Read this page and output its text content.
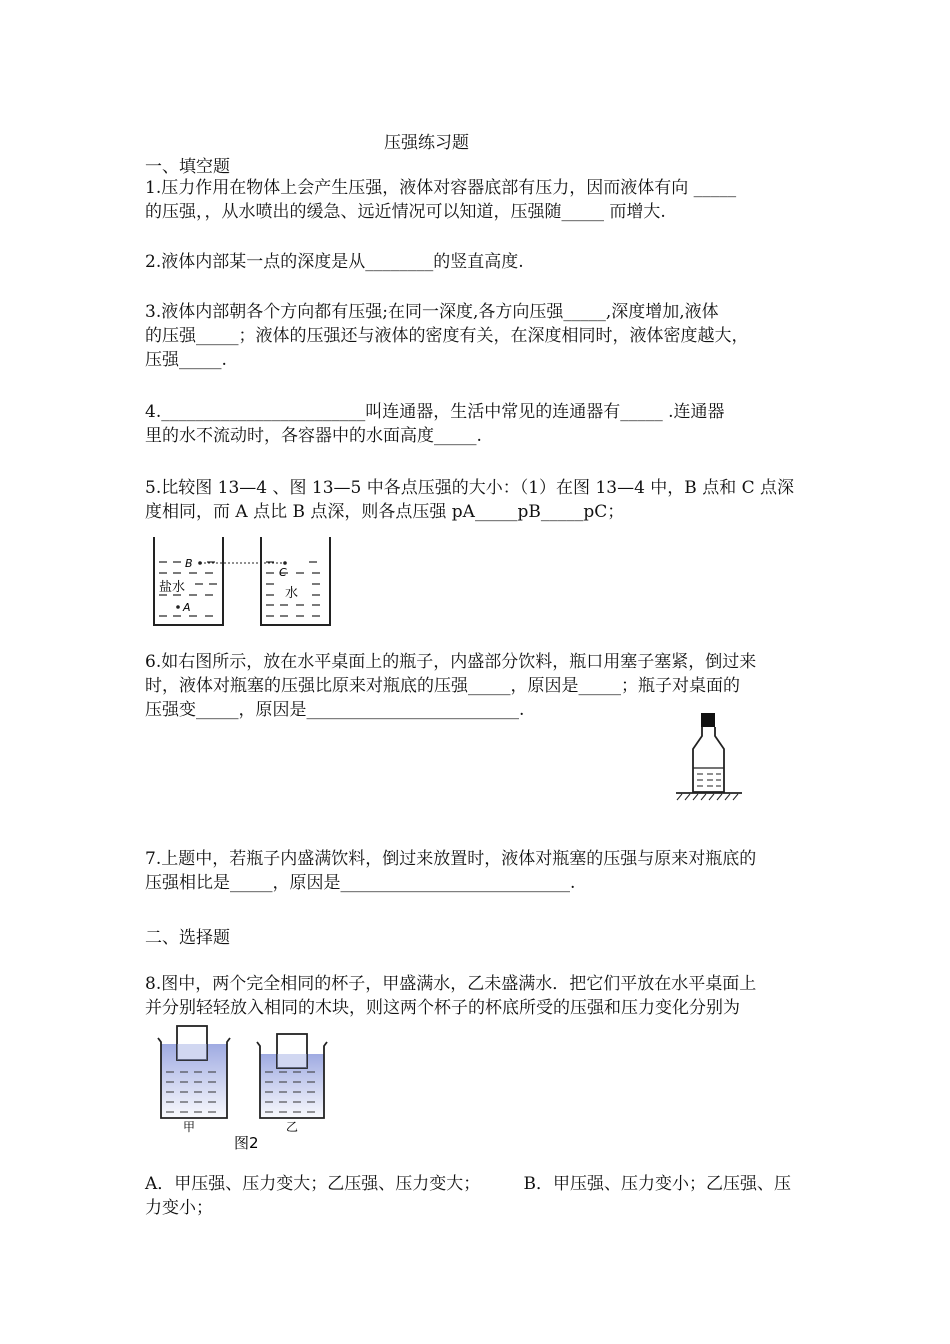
压强练习题
一、填空题
1.压力作用在物体上会产生压强，液体对容器底部有压力，因而液体有向 _____
的压强，，从水喷出的缓急、远近情况可以知道，压强随_____ 而增大.
2.液体内部某一点的深度是从________的竖直高度.
3.液体内部朝各个方向都有压强;在同一深度,各方向压强_____,深度增加,液体
的压强_____；液体的压强还与液体的密度有关，在深度相同时，液体密度越大，
压强_____.
4.________________________叫连通器，生活中常见的连通器有_____ .连通器
里的水不流动时，各容器中的水面高度_____.
5.比较图 13—4 、图 13—5 中各点压强的大小：（1）在图 13—4 中，B 点和 C 点深
度相同，而 A 点比 B 点深，则各点压强 pA_____pB_____pC；
B
C
A
盐水	水
6.如右图所示，放在水平桌面上的瓶子，内盛部分饮料，瓶口用塞子塞紧，倒过来
时，液体对瓶塞的压强比原来对瓶底的压强_____，原因是_____；瓶子对桌面的
压强变_____，原因是_________________________.
7.上题中，若瓶子内盛满饮料，倒过来放置时，液体对瓶塞的压强与原来对瓶底的
压强相比是_____，原因是___________________________.
二、选择题
8.图中，两个完全相同的杯子，甲盛满水，乙未盛满水．把它们平放在水平桌面上
并分别轻轻放入相同的木块，则这两个杯子的杯底所受的压强和压力变化分别为
甲	乙
图2
A．甲压强、压力变大；乙压强、压力变大；        B．甲压强、压力变小；乙压强、压
力变小；
